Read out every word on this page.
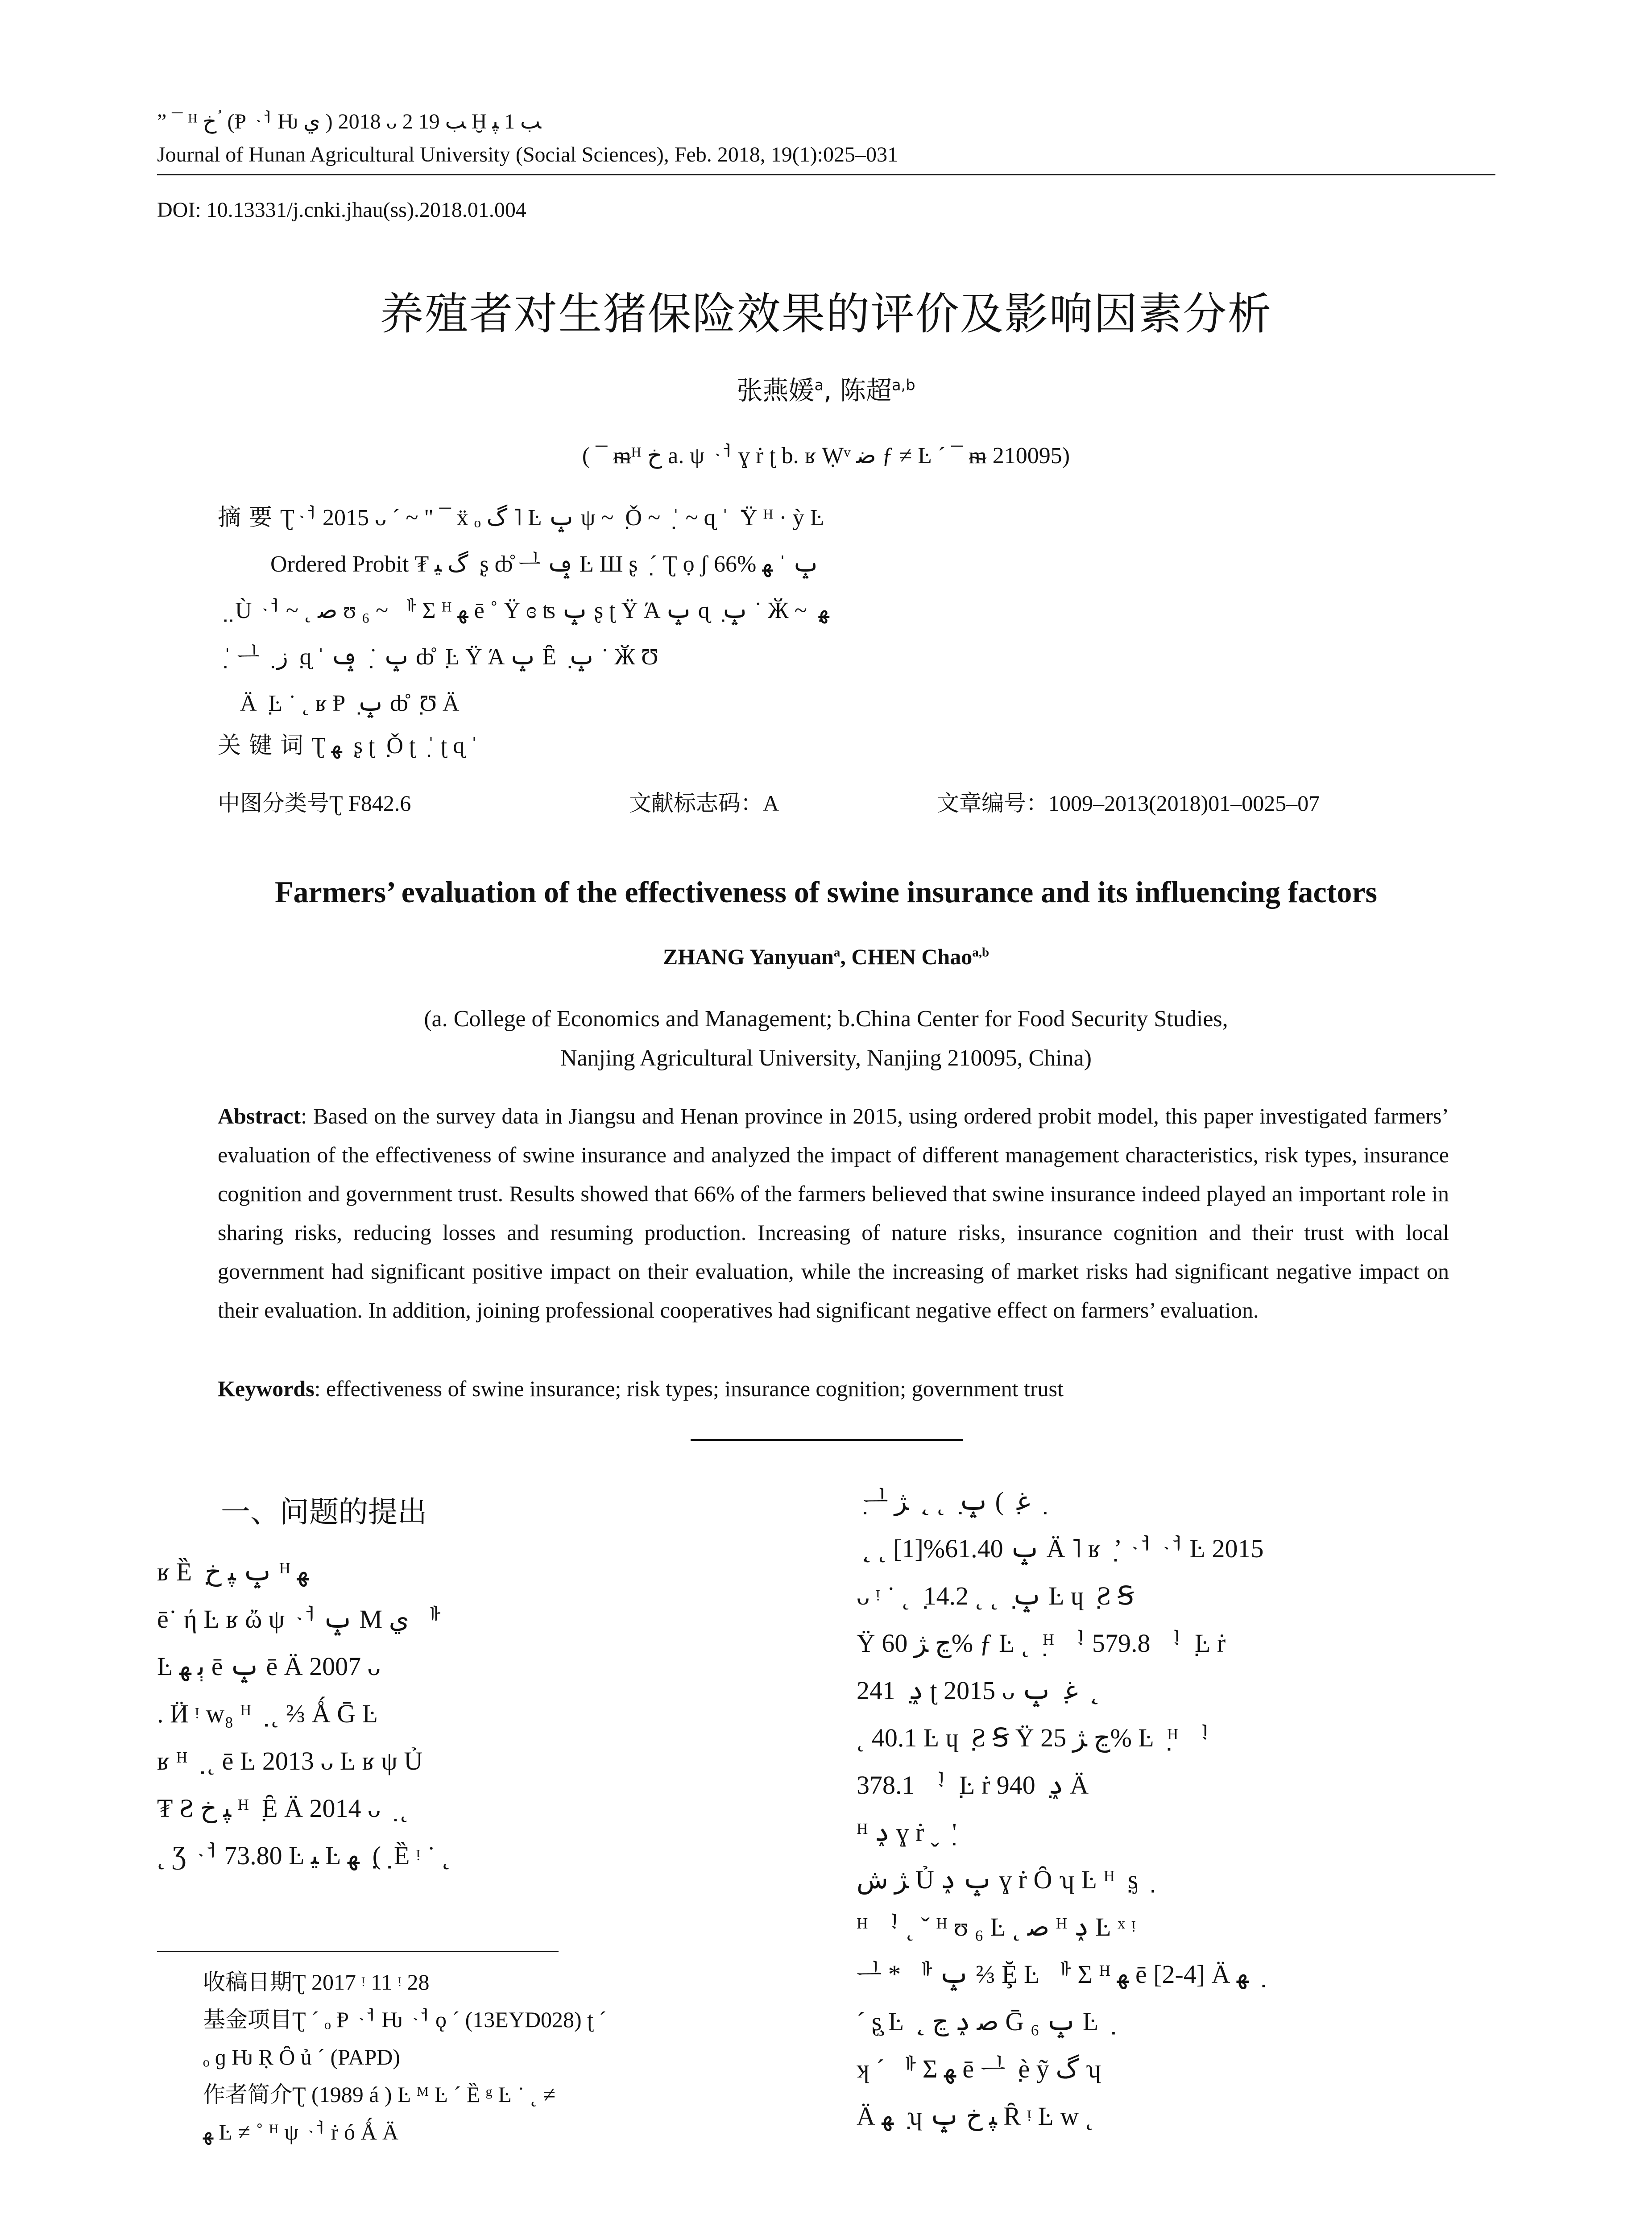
” ¯ ᴴ ﺥ ؙ (Ᵽ ᆟ Ƕ ي ) 2018 ᴗ 2 ﺐ 19 Ḫ ﺐ 1 ﭙ
Journal of Hunan Agricultural University (Social Sciences), Feb. 2018, 19(1):025–031
DOI: 10.13331/j.cnki.jhau(ss).2018.01.004
养殖者对生猪保险效果的评价及影响因素分析
张燕媛$^a$, 陈超$^{a,b}$
( ¯ ᵯᴴ ﺥ a. ψ ᆟ ɣ ṙ ʈ b. ʁ Ẉᵛ ﺿ ƒ ≠ Ŀ ´ ¯ ᵯ 210095)
摘要Ʈᆟ 2015 ᴗ ´ ~ " ¯ ẍ ₒ ﮒ ˥ Ŀ ݒ ψ ~ ݂ Ǒ ~ ݂ ˈ ~ ɋ ˈ ݁ Ÿ ᴴ · ỳ Ŀ
Ordered Probit ₮ ﮒ ﯿ ݂ ʂ ȸ̊ ᆜ ݡ Ŀ Ш ʂ ݂ ´ Ʈ ọ ʃ 66% ݒ ˈ ﮭ
݂ ݂ ݂ Ù ᆟ ~ ˛ ﺻ ʊ ₆ ~ ᆘ Σ ᴴ ﮭ ē ˚ Ÿ ɞ ʦ ݒ ʂ ʈ Ÿ Ά ݒ ɋ ݂ ݒ ˙ Ӂ ~ ݂ ﮭ
݂ ˈ ᆜ ݂ ݂ ﺯ ݂ ɋ ˈ ݒ ˙ ݂ ݡ ȸ̊ ݂ Ŀ Ÿ Ά ݒ Ȇ ݂ ݒ ˙ Ӂ Ʊ
Ä ݂ Ŀ ˙ ˛ ʁ Ᵽ ݂ ݒ ȸ̊ ݂ Ʊ Ä
关键词Ʈ ﮭ ݂ ʂ ʈ ݂ Ǒ ʈ ݂ ˈ ʈ ɋ ˈ
中图分类号Ʈ F842.6	文献标志码：A	文章编号：1009–2013(2018)01–0025–07
Farmers’ evaluation of the effectiveness of swine insurance and its influencing factors
ZHANG Yanyuan$^a$, CHEN Chao$^{a,b}$
(a. College of Economics and Management; b.China Center for Food Security Studies,
Nanjing Agricultural University, Nanjing 210095, China)
Abstract: Based on the survey data in Jiangsu and Henan province in 2015, using ordered probit model, this paper investigated farmers’ evaluation of the effectiveness of swine insurance and analyzed the impact of different management characteristics, risk types, insurance cognition and government trust. Results showed that 66% of the farmers believed that swine insurance indeed played an important role in sharing risks, reducing losses and resuming production. Increasing of nature risks, insurance cognition and their trust with local government had significant positive impact on their evaluation, while the increasing of market risks had significant negative impact on their evaluation. In addition, joining professional cooperatives had significant negative effect on farmers’ evaluation.
Keywords: effectiveness of swine insurance; risk types; insurance cognition; government trust
一、问题的提出

ʁ Ȅ ݂ ݒ ﭙ ﺥ ᴴ ﮭ

ē˙ ή Ŀ ʁ ὤ ψ ᆟ ݒ M ي ᆘ

Ŀ ﭔ ﮭ ē ݒ ē Ä 2007 ᴗ

. Ӥ ᵎ w₈ ᴴ ݂ ݂ ˛ ⅔ Ǻ Ḡ Ŀ

ʁ ᴴ ݂ ݂ ˛ ē Ŀ 2013 ᴗ Ŀ ʁ ψ Ủ

₮ Ƨ ﭙ ﺥ ᴴ ݂ Ȇ Ä 2014 ᴗ ݂ ݂ ˛

˛ Ʒ ᆟ 73.80 Ŀ ﯿ Ŀ ﮭ ݂ ( ݂ Ȅ ᵎ ˙ ˛

݂ ᆜ ﻏ ݂ ) ݒ ݂ ˛ ˛ ݂ ﮋ ݂

݂ ˛ ˛ ݒ 61.40%[1] Ä ˥ ʁ ݂ ’ ᆟ ᆟ Ŀ 2015

ᴗ ᵎ ˙ ˛ ݂ ݒ ݂ ˛ ˛ 14.2 Ŀ ɥ ݂ Ƨ Ꞩ

Ÿ ڃ ﮋ 60% ƒ Ŀ ˛ ݂ ᴴ ᆝ 579.8 ᆝ ݂ Ŀ ṙ

ݚ ݂ 241 ʈ 2015 ᴗ ﻏ ݂ ݒ ݂ ˛

˛ 40.1 Ŀ ɥ ݂ Ƨ Ꞩ Ÿ ڃ ﮋ 25% Ŀ ݂ ᴴ ᆝ

378.1 ᆝ ݂ Ŀ ṙ ݚ ݂ 940 Ä

ᴴ ݚ ɣ ṙ ˬ ݂ '

ﮋ ﺵ Ủ ݒ ݚ ɣ ṙ Ȏ ʮ Ŀ ᴴ ݂ ᶊ ݂

ᴴ ᆝ ˛ ˇ ᴴ ʊ ₆ Ŀ ˛ ﺻ ᴴ ݚ Ŀ ˣ ᵎ

ᆜ * ᆘ ݒ ⅔ Ḝ Ŀ ᆘ Σ ᴴ ﮭ ē [2-4] Ä ﮭ ݂

ˊ ʂ̧ Ŀ ݂ ˛ ﺻ ݚ ڃ Ḡ ݒ ₆ Ŀ ݂

ʞ ˊ ᆘ Σ ﮭ ē ᆜ ݂ è ỹ ﮒ ʮ

Ä ﮭ ݂ ʮ ﭙ ﺥ ݒ Ȓ ᵎ Ŀ w ˛

收稿日期Ʈ 2017 ᵎ 11 ᵎ 28
基金项目Ʈ ´ ₒ Ᵽ ᆟ Ƕ ᆟ ǫ ´ (13EYD028) ʈ ´
ₒ ɡ Ƕ Ṛ Ȏ ủ ´ (PAPD)
作者简介Ʈ (1989 á ) Ŀ ᴹ Ŀ ´ Ȅ ᵍ Ŀ ˙ ˛ ≠
ﮭ Ŀ ≠ ˚ ᴴ ψ ᆟ ṙ ó Ǻ Ä
